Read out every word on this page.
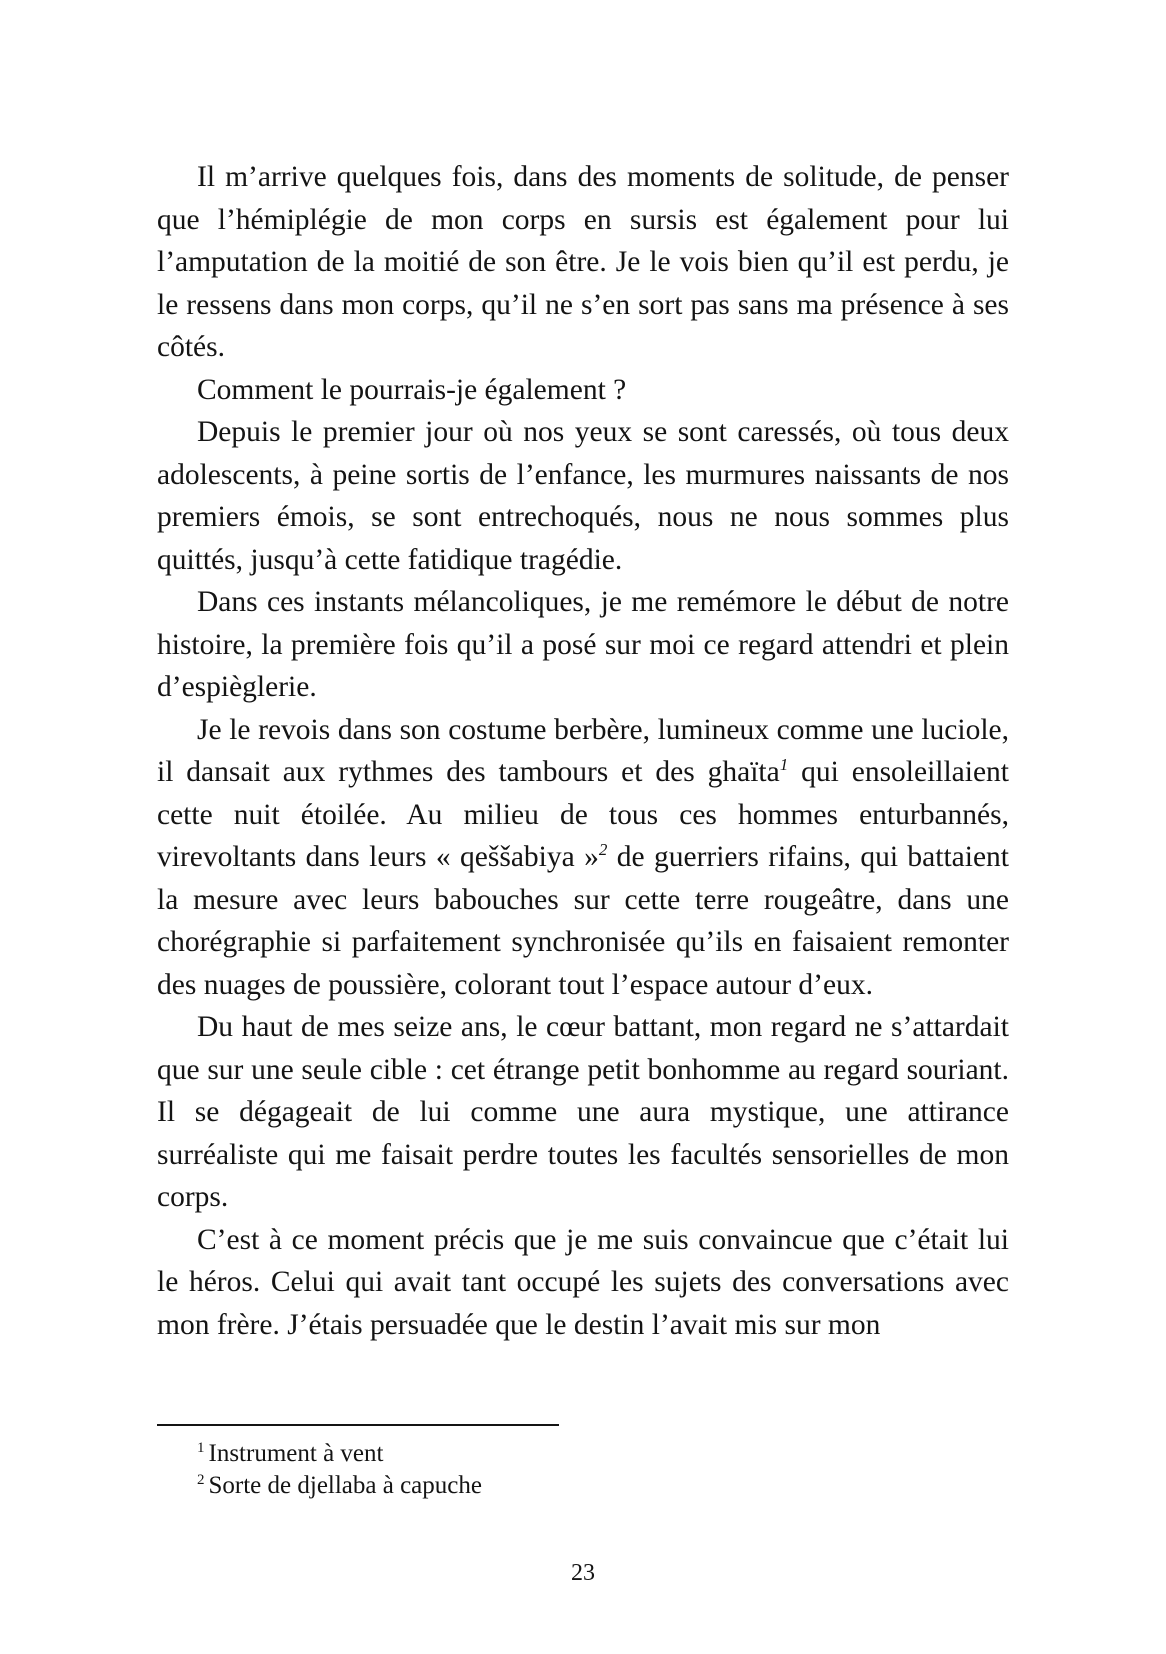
Il m’arrive quelques fois, dans des moments de solitude, de penser que l’hémiplégie de mon corps en sursis est également pour lui l’amputation de la moitié de son être. Je le vois bien qu’il est perdu, je le ressens dans mon corps, qu’il ne s’en sort pas sans ma présence à ses côtés.

Comment le pourrais-je également ?

Depuis le premier jour où nos yeux se sont caressés, où tous deux adolescents, à peine sortis de l’enfance, les murmures naissants de nos premiers émois, se sont entrechoqués, nous ne nous sommes plus quittés, jusqu’à cette fatidique tragédie.

Dans ces instants mélancoliques, je me remémore le début de notre histoire, la première fois qu’il a posé sur moi ce regard attendri et plein d’espièglerie.

Je le revois dans son costume berbère, lumineux comme une luciole, il dansait aux rythmes des tambours et des ghaïta$^1$ qui ensoleillaient cette nuit étoilée. Au milieu de tous ces hommes enturbannés, virevoltants dans leurs « qeššabiya »$^2$ de guerriers rifains, qui battaient la mesure avec leurs babouches sur cette terre rougeâtre, dans une chorégraphie si parfaitement synchronisée qu’ils en faisaient remonter des nuages de poussière, colorant tout l’espace autour d’eux.

Du haut de mes seize ans, le cœur battant, mon regard ne s’attardait que sur une seule cible : cet étrange petit bonhomme au regard souriant. Il se dégageait de lui comme une aura mystique, une attirance surréaliste qui me faisait perdre toutes les facultés sensorielles de mon corps.

C’est à ce moment précis que je me suis convaincue que c’était lui le héros. Celui qui avait tant occupé les sujets des conversations avec mon frère. J’étais persuadée que le destin l’avait mis sur mon

$^1$ Instrument à vent

$^2$ Sorte de djellaba à capuche

23
